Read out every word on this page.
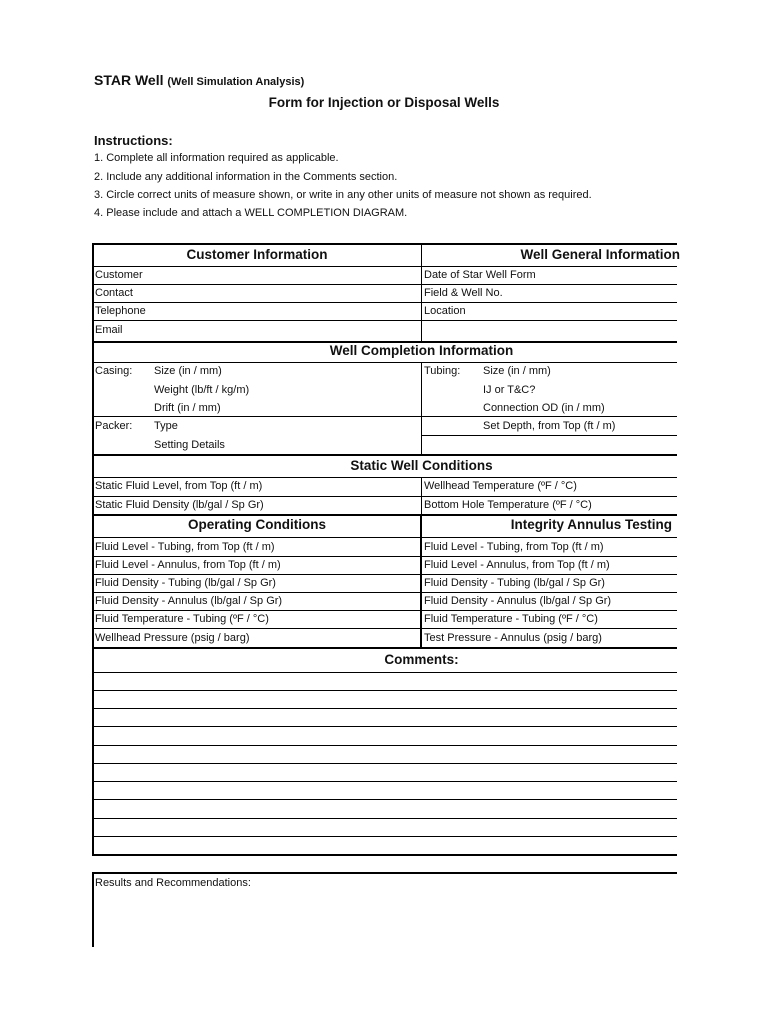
STAR Well (Well Simulation Analysis)
Form for Injection or Disposal Wells
Instructions:
1. Complete all information required as applicable.
2. Include any additional information in the Comments section.
3. Circle correct units of measure shown, or write in any other units of measure not shown as required.
4. Please include and attach a WELL COMPLETION DIAGRAM.
Customer Information	Well General Information
Well Completion Information
Static Well Conditions
Operating Conditions	Integrity Annulus Testing
Comments:
Customer
Contact
Telephone
Email
Date of Star Well Form
Field & Well No.
Location
Casing: Size (in / mm)
Weight (lb/ft / kg/m)
Drift (in / mm)
Packer: Type
Setting Details
Tubing: Size (in / mm)
IJ or T&C?
Connection OD (in / mm)
Set Depth, from Top (ft / m)
Static Fluid Level, from Top (ft / m)
Static Fluid Density (lb/gal / Sp Gr)
Wellhead Temperature (ºF / °C)
Bottom Hole Temperature (ºF / °C)
Fluid Level - Tubing, from Top (ft / m)
Fluid Level - Annulus, from Top (ft / m)
Fluid Density - Tubing (lb/gal / Sp Gr)
Fluid Density - Annulus (lb/gal / Sp Gr)
Fluid Temperature - Tubing (ºF / °C)
Wellhead Pressure (psig / barg)
Fluid Level - Tubing, from Top (ft / m)
Fluid Level - Annulus, from Top (ft / m)
Fluid Density - Tubing (lb/gal / Sp Gr)
Fluid Density - Annulus (lb/gal / Sp Gr)
Fluid Temperature - Tubing (ºF / °C)
Test Pressure - Annulus (psig / barg)
Results and Recommendations:
